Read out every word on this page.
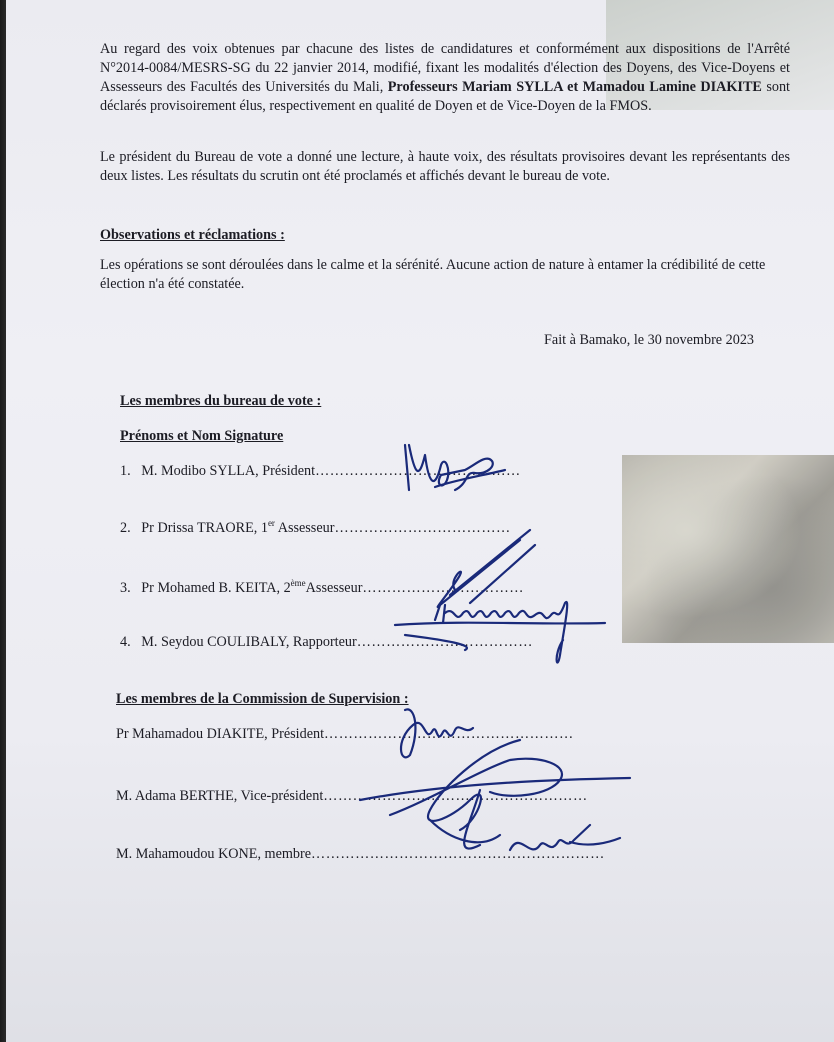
Au regard des voix obtenues par chacune des listes de candidatures et conformément aux dispositions de l'Arrêté N°2014-0084/MESRS-SG du 22 janvier 2014, modifié, fixant les modalités d'élection des Doyens, des Vice-Doyens et Assesseurs des Facultés des Universités du Mali, Professeurs Mariam SYLLA et Mamadou Lamine DIAKITE sont déclarés provisoirement élus, respectivement en qualité de Doyen et de Vice-Doyen de la FMOS.

Le président du Bureau de vote a donné une lecture, à haute voix, des résultats provisoires devant les représentants des deux listes. Les résultats du scrutin ont été proclamés et affichés devant le bureau de vote.

Observations et réclamations :

Les opérations se sont déroulées dans le calme et la sérénité. Aucune action de nature à entamer la crédibilité de cette élection n'a été constatée.

Fait à Bamako, le 30 novembre 2023
Les membres du bureau de vote :
Prénoms et Nom Signature
1. M. Modibo SYLLA, Président……………………………………
2. Pr Drissa TRAORE, 1er Assesseur………………………………
3. Pr Mohamed B. KEITA, 2èmeAssesseur……………………………
4. M. Seydou COULIBALY, Rapporteur………………………………
Les membres de la Commission de Supervision :
Pr Mahamadou DIAKITE, Président……………………………………………
M. Adama BERTHE, Vice-président………………………………………………
M. Mahamoudou KONE, membre……………………………………………………
